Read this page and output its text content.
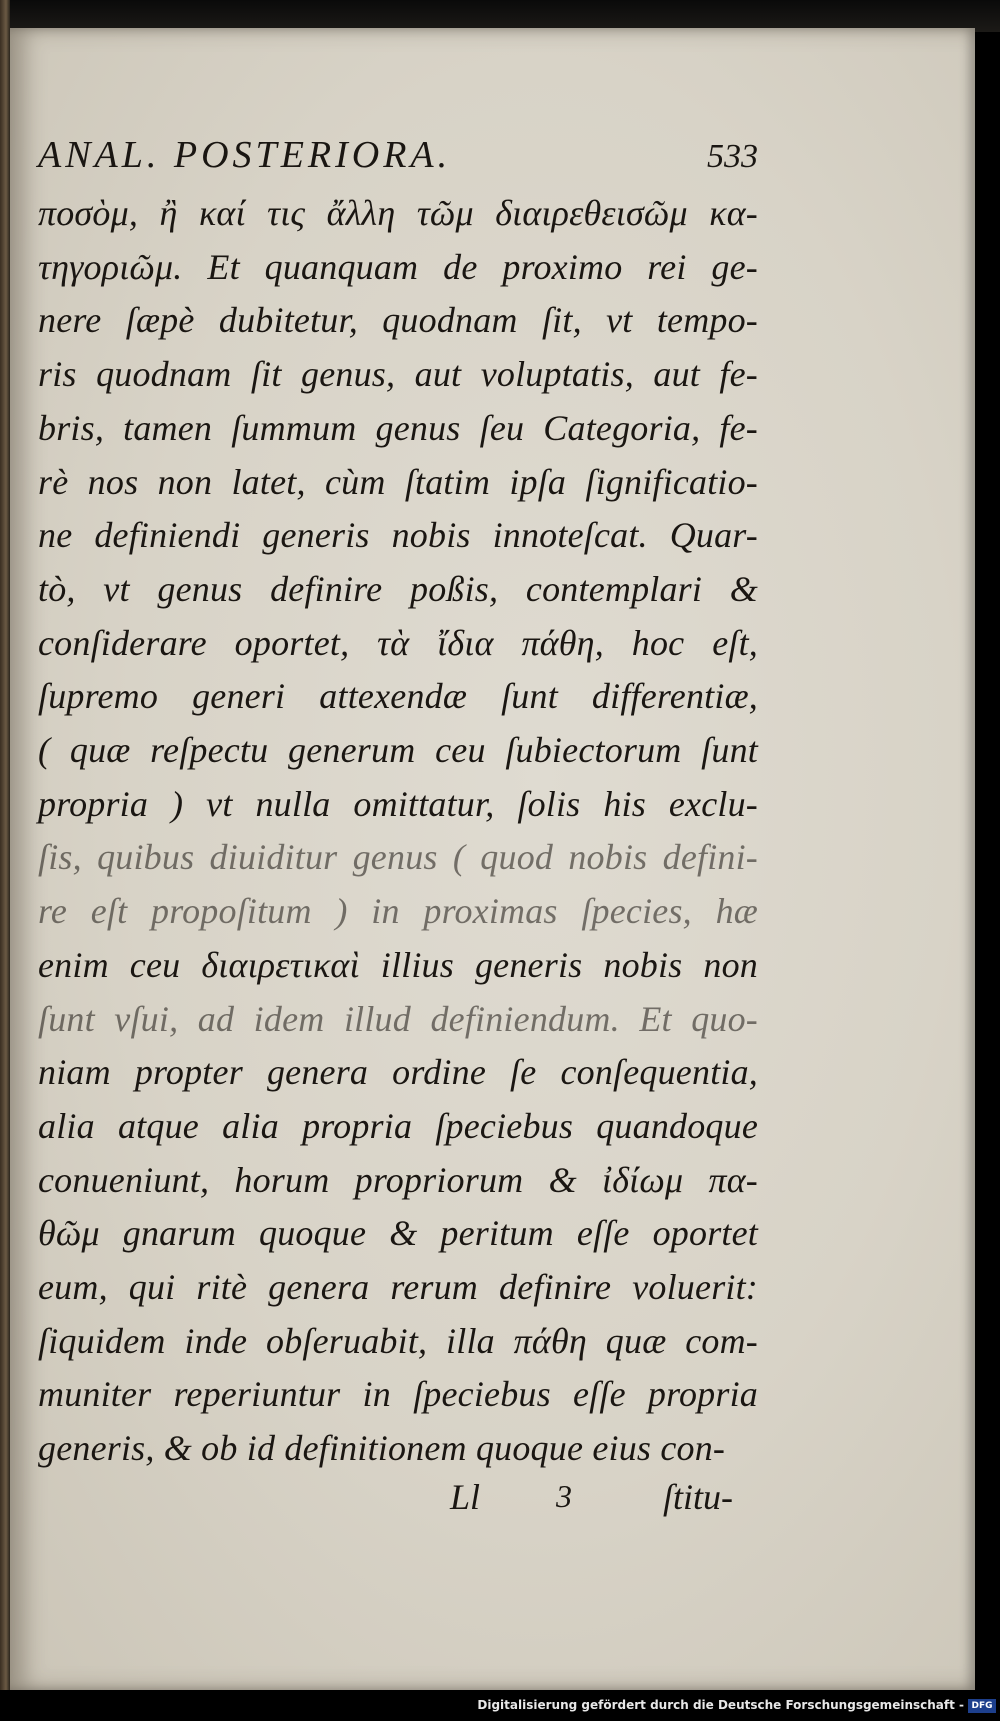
ANAL. POSTERIORA.	533
ποσὸμ, ἢ καί τις ἄλλη τῶμ διαιρεθεισῶμ κα-
τηγοριῶμ. Et quanquam de proximo rei ge-
nere ſæpè dubitetur, quodnam ſit, vt tempo-
ris quodnam ſit genus, aut voluptatis, aut fe-
bris, tamen ſummum genus ſeu Categoria, fe-
rè nos non latet, cùm ſtatim ipſa ſignificatio-
ne definiendi generis nobis innoteſcat. Quar-
tò, vt genus definire poßis, contemplari &
conſiderare oportet, τὰ ἴδια πάθη, hoc eſt,
ſupremo generi attexendæ ſunt differentiæ,
( quæ reſpectu generum ceu ſubiectorum ſunt
propria ) vt nulla omittatur, ſolis his exclu-
ſis, quibus diuiditur genus ( quod nobis defini-
re eſt propoſitum ) in proximas ſpecies, hæ
enim ceu διαιρετικαὶ illius generis nobis non
ſunt vſui, ad idem illud definiendum. Et quo-
niam propter genera ordine ſe conſequentia,
alia atque alia propria ſpeciebus quandoque
conueniunt, horum propriorum & ἰδίωμ πα-
θῶμ gnarum quoque & peritum eſſe oportet
eum, qui ritè genera rerum definire voluerit:
ſiquidem inde obſeruabit, illa πάθη quæ com-
muniter reperiuntur in ſpeciebus eſſe propria
generis, & ob id definitionem quoque eius con-
Ll 3	ſtitu-
Digitalisierung gefördert durch die Deutsche Forschungsgemeinschaft - DFG
